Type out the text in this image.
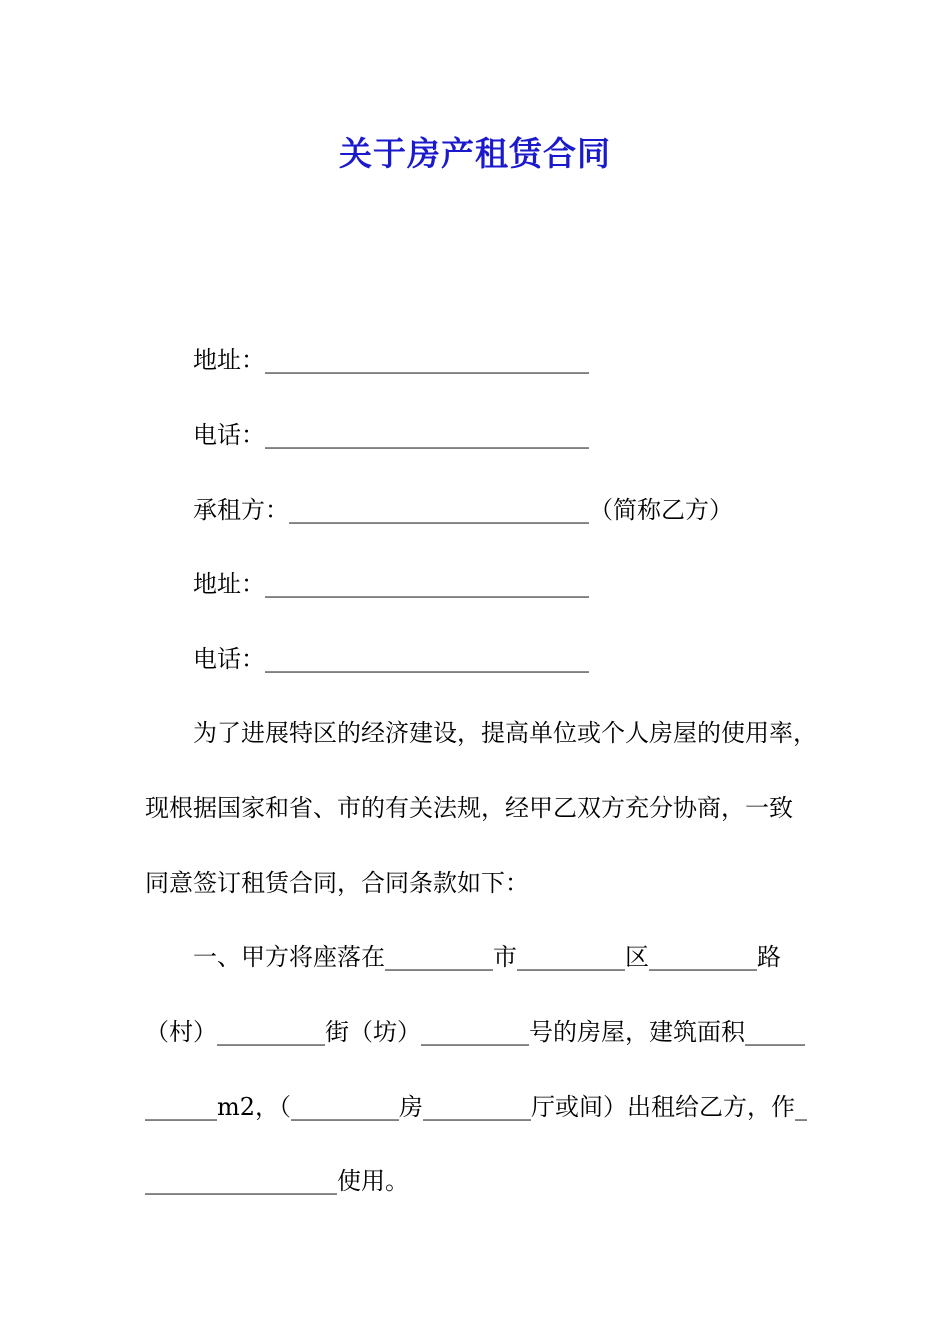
关于房产租赁合同
地址：___________________________
电话：___________________________
承租方：_________________________（简称乙方）
地址：___________________________
电话：___________________________
为了进展特区的经济建设，提高单位或个人房屋的使用率，
现根据国家和省、市的有关法规，经甲乙双方充分协商，一致
同意签订租赁合同，合同条款如下：
一、甲方将座落在_________市_________区_________路
（村）_________街（坊）_________号的房屋，建筑面积_____
______m2，（_________房_________厅或间）出租给乙方，作_
________________使用。
